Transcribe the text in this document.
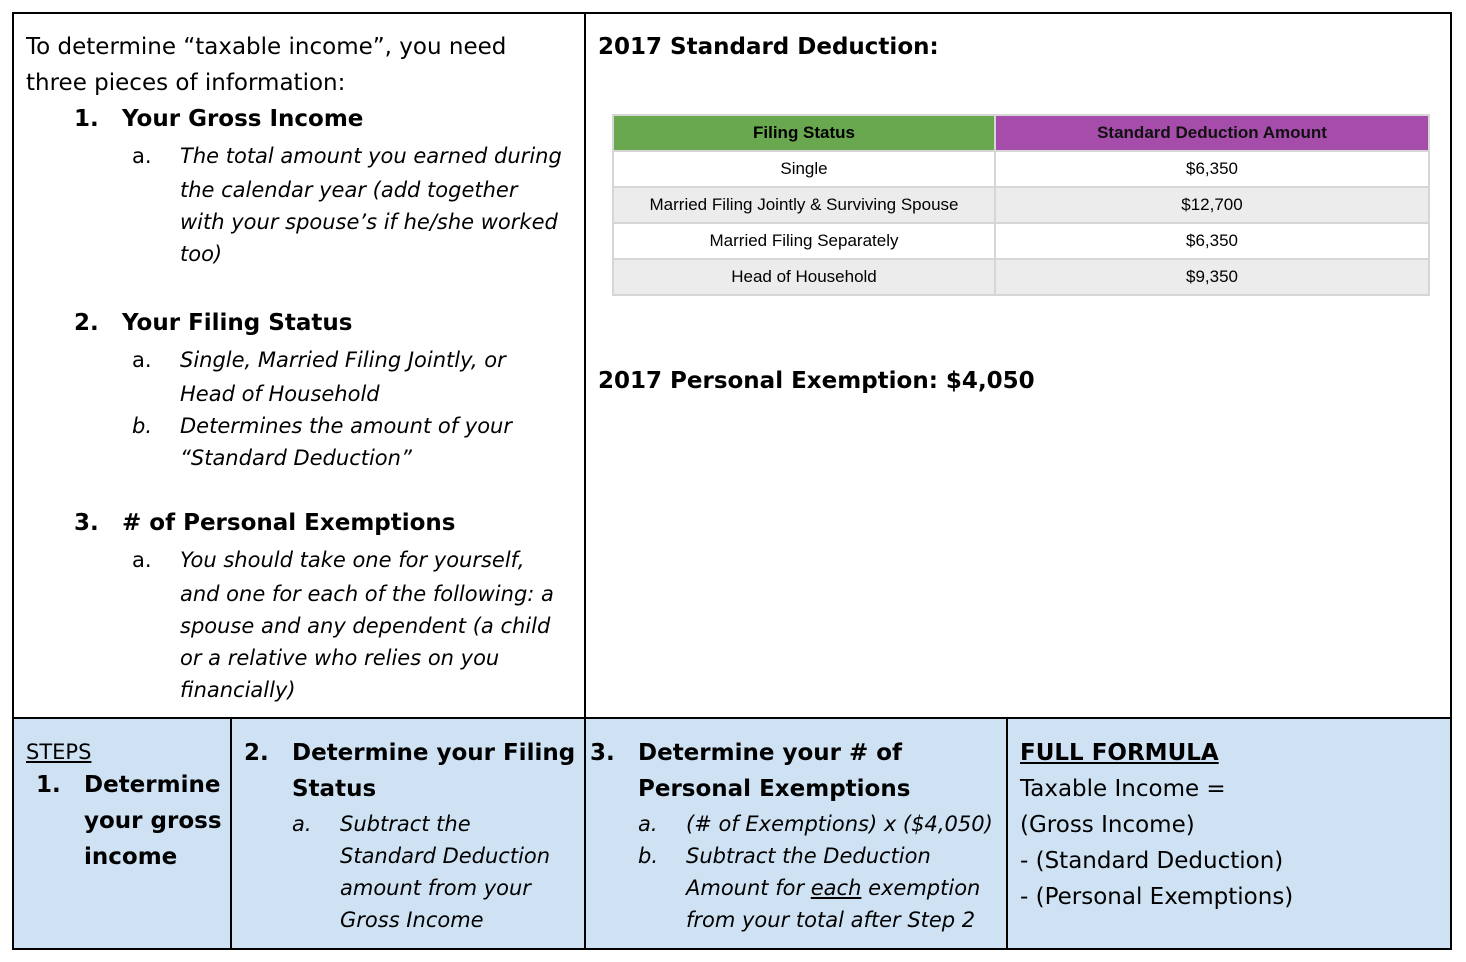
To determine “taxable income”, you need
three pieces of information:
1. Your Gross Income
a. The total amount you earned during
the calendar year (add together
with your spouse’s if he/she worked
too)
2. Your Filing Status
a. Single, Married Filing Jointly, or
Head of Household
b. Determines the amount of your
“Standard Deduction”
3. # of Personal Exemptions
a. You should take one for yourself,
and one for each of the following: a
spouse and any dependent (a child
or a relative who relies on you
financially)
2017 Standard Deduction:
Filing Status	Standard Deduction Amount
Single	$6,350
Married Filing Jointly & Surviving Spouse	$12,700
Married Filing Separately	$6,350
Head of Household	$9,350
2017 Personal Exemption: $4,050
STEPS
1. Determine
your gross
income
2. Determine your Filing
Status
a. Subtract the
Standard Deduction
amount from your
Gross Income
3. Determine your # of
Personal Exemptions
a. (# of Exemptions) x ($4,050)
b. Subtract the Deduction
Amount for each exemption
from your total after Step 2
FULL FORMULA
Taxable Income =
(Gross Income)
- (Standard Deduction)
- (Personal Exemptions)
